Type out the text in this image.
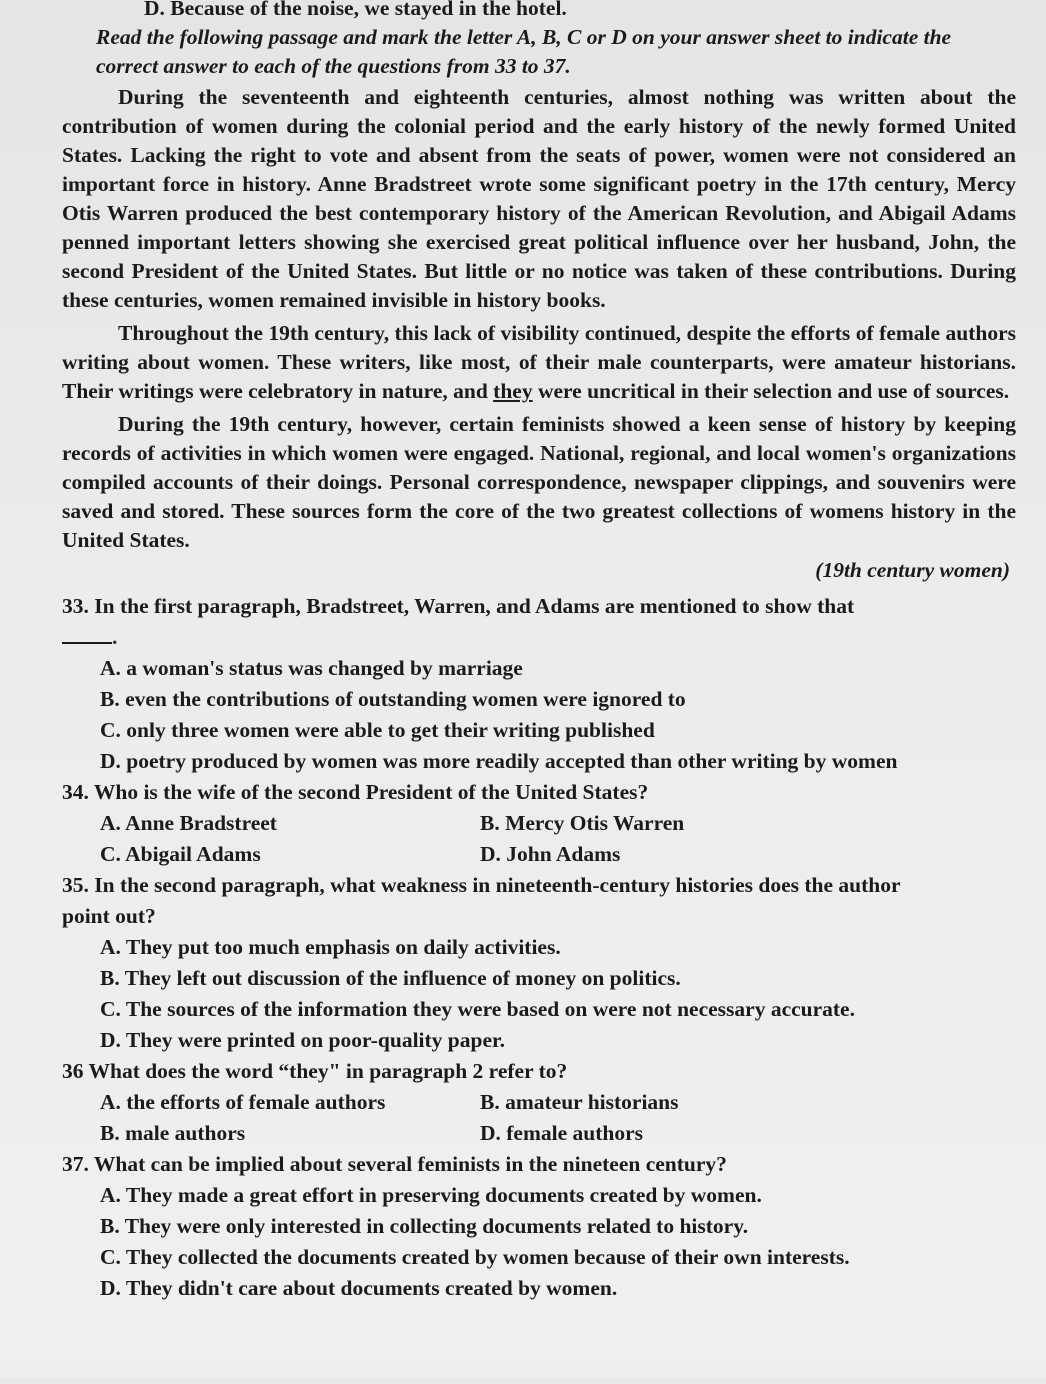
D. Because of the noise, we stayed in the hotel.
Read the following passage and mark the letter A, B, C or D on your answer sheet to indicate the correct answer to each of the questions from 33 to 37.

During the seventeenth and eighteenth centuries, almost nothing was written about the contribution of women during the colonial period and the early history of the newly formed United States. Lacking the right to vote and absent from the seats of power, women were not considered an important force in history. Anne Bradstreet wrote some significant poetry in the 17th century, Mercy Otis Warren produced the best contemporary history of the American Revolution, and Abigail Adams penned important letters showing she exercised great political influence over her husband, John, the second President of the United States. But little or no notice was taken of these contributions. During these centuries, women remained invisible in history books.

Throughout the 19th century, this lack of visibility continued, despite the efforts of female authors writing about women. These writers, like most, of their male counterparts, were amateur historians. Their writings were celebratory in nature, and they were uncritical in their selection and use of sources.

During the 19th century, however, certain feminists showed a keen sense of history by keeping records of activities in which women were engaged. National, regional, and local women's organizations compiled accounts of their doings. Personal correspondence, newspaper clippings, and souvenirs were saved and stored. These sources form the core of the two greatest collections of womens history in the United States.

(19th century women)
33. In the first paragraph, Bradstreet, Warren, and Adams are mentioned to show that
.
A. a woman's status was changed by marriage
B. even the contributions of outstanding women were ignored to
C. only three women were able to get their writing published
D. poetry produced by women was more readily accepted than other writing by women
34. Who is the wife of the second President of the United States?
A. Anne Bradstreet	B. Mercy Otis Warren
C. Abigail Adams	D. John Adams
35. In the second paragraph, what weakness in nineteenth-century histories does the author
point out?
A. They put too much emphasis on daily activities.
B. They left out discussion of the influence of money on politics.
C. The sources of the information they were based on were not necessary accurate.
D. They were printed on poor-quality paper.
36 What does the word “they" in paragraph 2 refer to?
A. the efforts of female authors	B. amateur historians
B. male authors	D. female authors
37. What can be implied about several feminists in the nineteen century?
A. They made a great effort in preserving documents created by women.
B. They were only interested in collecting documents related to history.
C. They collected the documents created by women because of their own interests.
D. They didn't care about documents created by women.
